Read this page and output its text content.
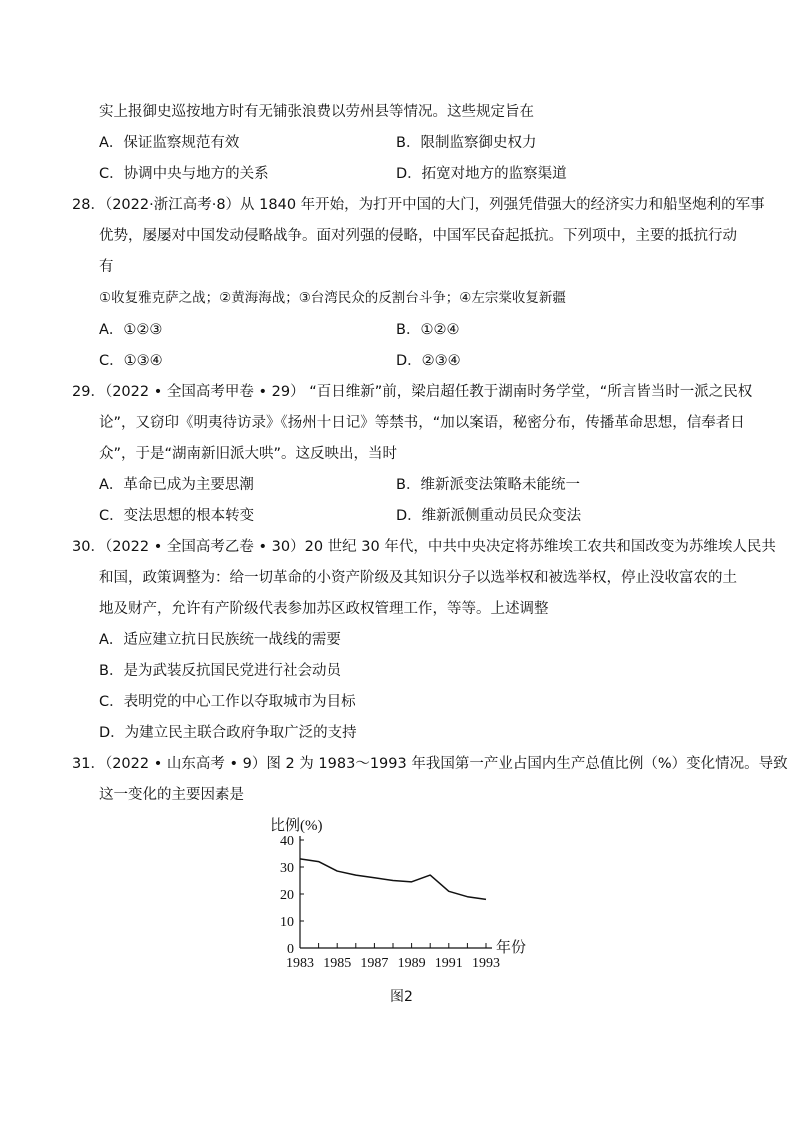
实上报御史巡按地方时有无铺张浪费以劳州县等情况。这些规定旨在
A．保证监察规范有效	B．限制监察御史权力
C．协调中央与地方的关系	D．拓宽对地方的监察渠道
28．（2022·浙江高考·8）从 1840 年开始，为打开中国的大门，列强凭借强大的经济实力和船坚炮利的军事
优势，屡屡对中国发动侵略战争。面对列强的侵略，中国军民奋起抵抗。下列项中，主要的抵抗行动
有
①收复雅克萨之战；②黄海海战；③台湾民众的反割台斗争；④左宗棠收复新疆
A．①②③	B．①②④
C．①③④	D．②③④
29．（2022 • 全国高考甲卷 • 29） “百日维新”前，梁启超任教于湖南时务学堂，“所言皆当时一派之民权
论”，又窃印《明夷待访录》《扬州十日记》等禁书，“加以案语，秘密分布，传播革命思想，信奉者日
众”，于是“湖南新旧派大哄”。这反映出，当时
A．革命已成为主要思潮	B．维新派变法策略未能统一
C．变法思想的根本转变	D．维新派侧重动员民众变法
30．（2022 • 全国高考乙卷 • 30）20 世纪 30 年代，中共中央决定将苏维埃工农共和国改变为苏维埃人民共
和国，政策调整为：给一切革命的小资产阶级及其知识分子以选举权和被选举权，停止没收富农的土
地及财产，允许有产阶级代表参加苏区政权管理工作，等等。上述调整
A．适应建立抗日民族统一战线的需要
B．是为武装反抗国民党进行社会动员
C．表明党的中心工作以夺取城市为目标
D．为建立民主联合政府争取广泛的支持
31．（2022 • 山东高考 • 9）图 2 为 1983～1993 年我国第一产业占国内生产总值比例（%）变化情况。导致
这一变化的主要因素是
0
10
20
30
40
1983 1985 1987 1989 1991 1993
比例(%)
年份
图2
